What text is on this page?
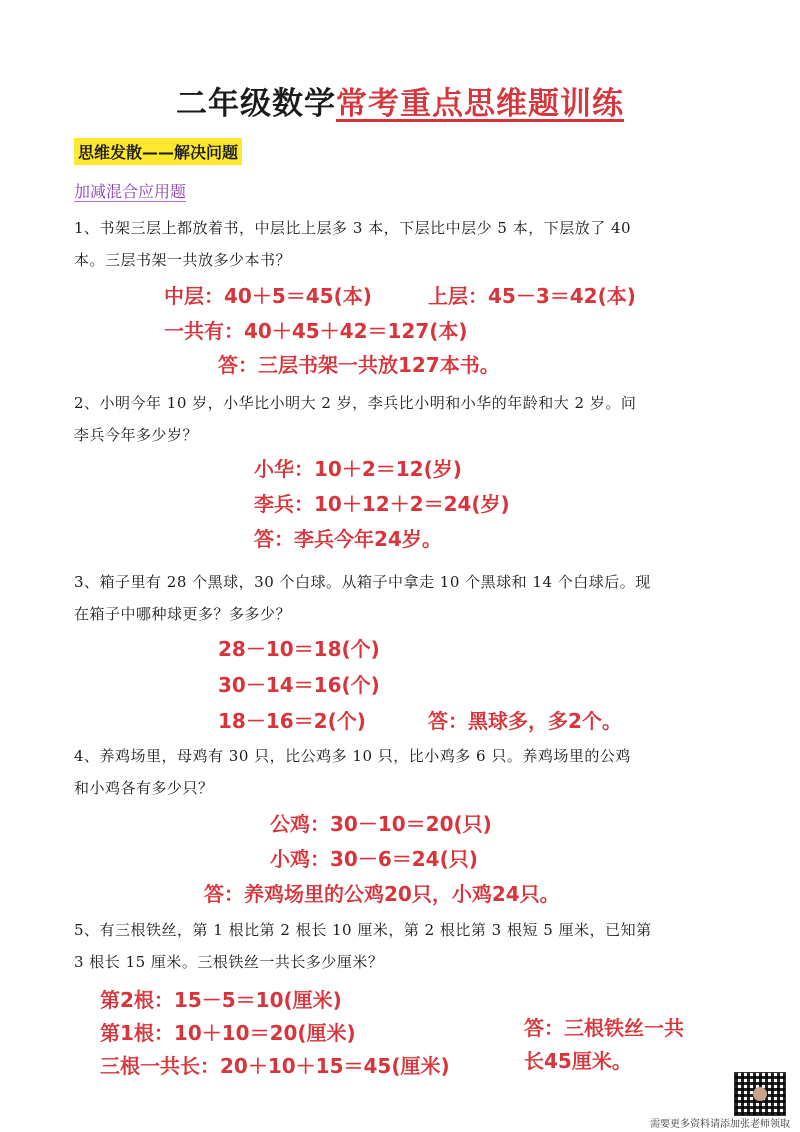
二年级数学常考重点思维题训练
思维发散——解决问题
加减混合应用题
1、书架三层上都放着书，中层比上层多 3 本，下层比中层少 5 本，下层放了 40
本。三层书架一共放多少本书？
中层：40＋5＝45(本)	上层：45－3＝42(本)
一共有：40＋45＋42＝127(本)
答：三层书架一共放127本书。
2、小明今年 10 岁，小华比小明大 2 岁，李兵比小明和小华的年龄和大 2 岁。问
李兵今年多少岁？
小华：10＋2＝12(岁)
李兵：10＋12＋2＝24(岁)
答：李兵今年24岁。
3、箱子里有 28 个黑球，30 个白球。从箱子中拿走 10 个黑球和 14 个白球后。现
在箱子中哪种球更多？多多少？
28－10＝18(个)
30－14＝16(个)
18－16＝2(个)	答：黑球多，多2个。
4、养鸡场里，母鸡有 30 只，比公鸡多 10 只，比小鸡多 6 只。养鸡场里的公鸡
和小鸡各有多少只？
公鸡：30－10＝20(只)
小鸡：30－6＝24(只)
答：养鸡场里的公鸡20只，小鸡24只。
5、有三根铁丝，第 1 根比第 2 根长 10 厘米，第 2 根比第 3 根短 5 厘米，已知第
3 根长 15 厘米。三根铁丝一共长多少厘米？
第2根：15－5＝10(厘米)
第1根：10＋10＝20(厘米)
三根一共长：20＋10＋15＝45(厘米)
答：三根铁丝一共
长45厘米。
需要更多资料请添加张老师领取
